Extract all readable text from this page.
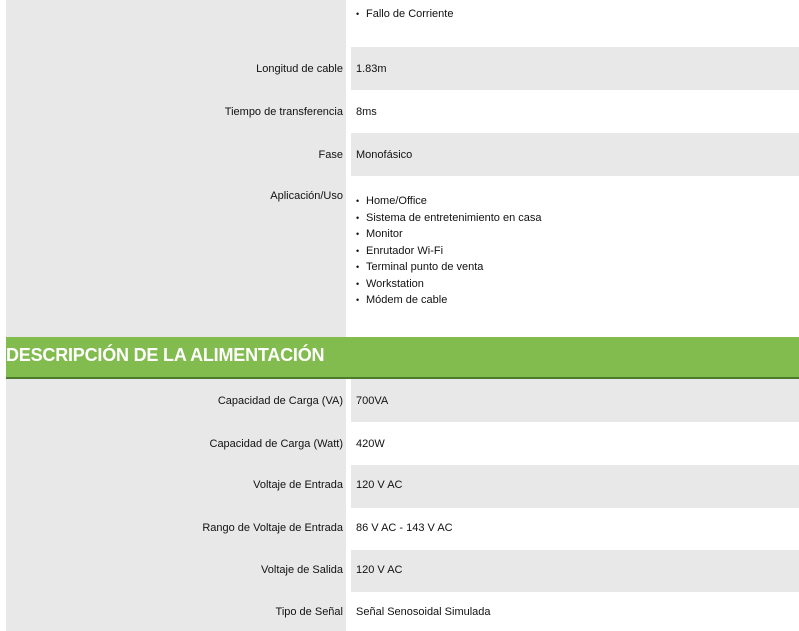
• Fallo de Corriente
Longitud de cable 1.83m
Tiempo de transferencia 8ms
Fase Monofásico
Aplicación/Uso
•	Home/Office
• Sistema de entretenimiento en casa
• Monitor
• Enrutador Wi-Fi
• Terminal punto de venta
• Workstation
• Módem de cable
DESCRIPCIÓN DE LA ALIMENTACIÓN
Capacidad de Carga (VA) 700VA
Capacidad de Carga (Watt) 420W
Voltaje de Entrada 120 V AC
Rango de Voltaje de Entrada 86 V AC - 143 V AC
Voltaje de Salida 120 V AC
Tipo de Señal Señal Senosoidal Simulada
